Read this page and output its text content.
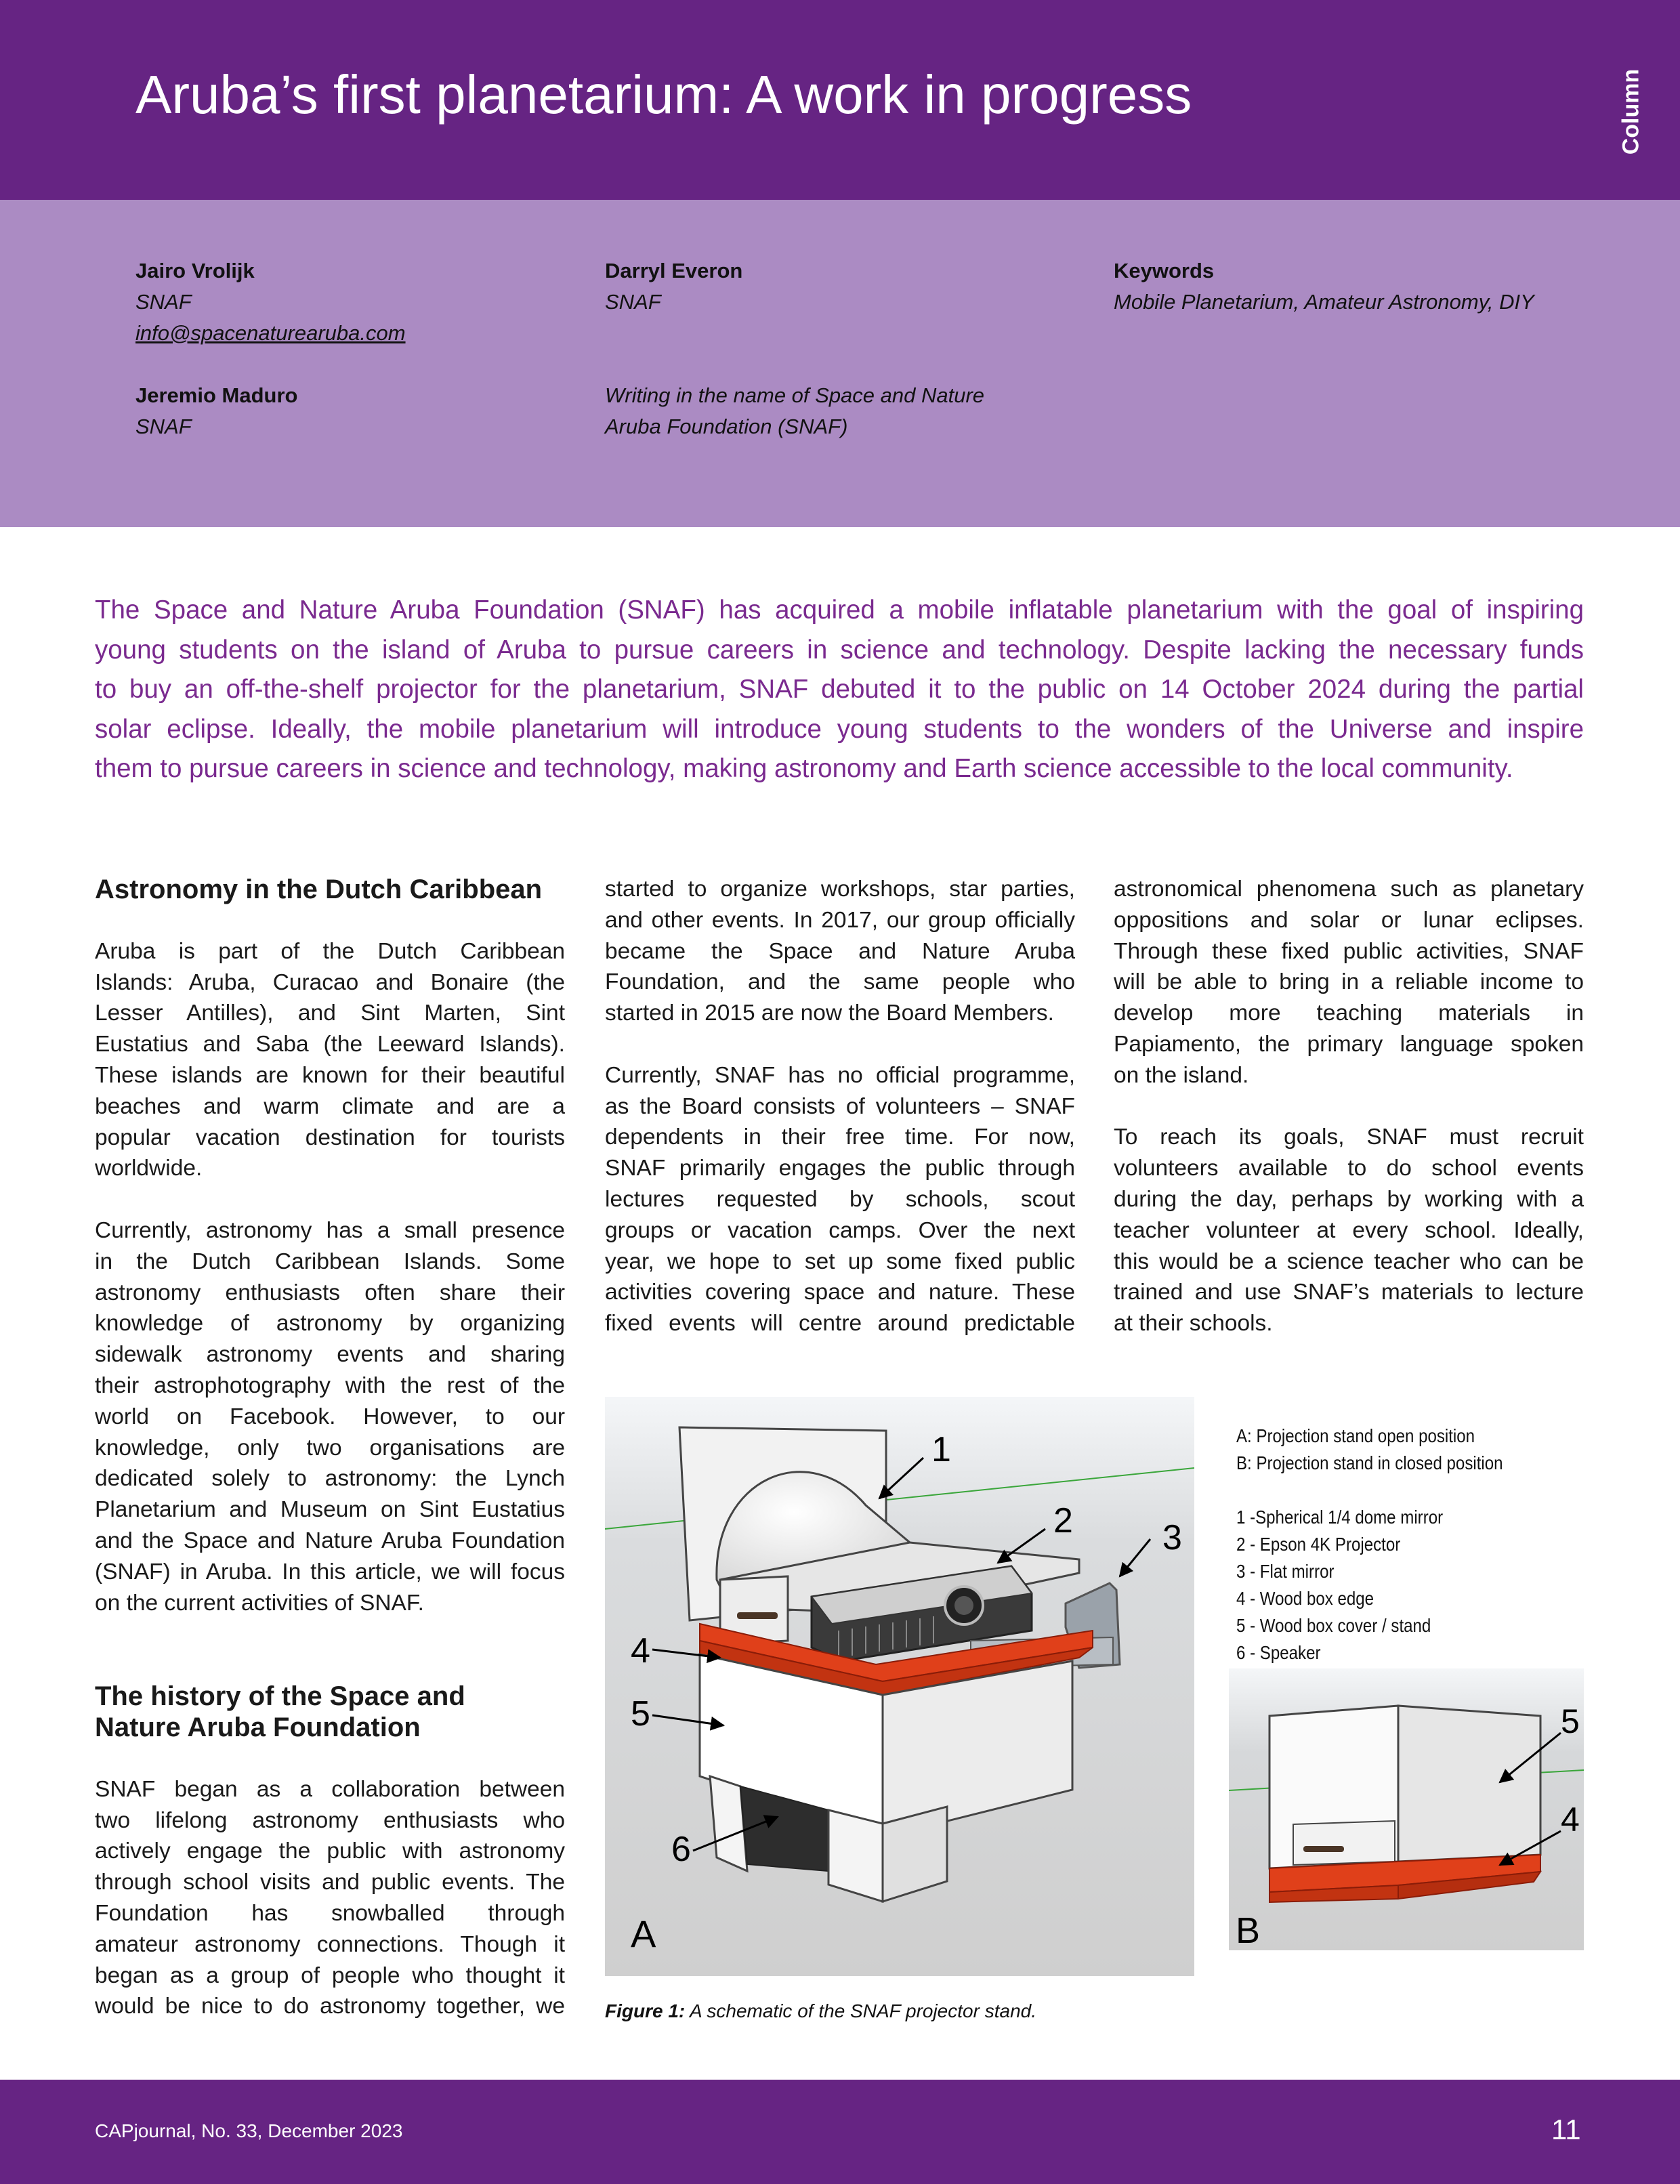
Aruba’s first planetarium: A work in progress	Column
Jairo Vrolijk
SNAF
info@spacenaturearuba.com
Darryl Everon
SNAF
Keywords
Mobile Planetarium, Amateur Astronomy, DIY
Jeremio Maduro
SNAF
Writing in the name of Space and Nature
Aruba Foundation (SNAF)
The Space and Nature Aruba Foundation (SNAF) has acquired a mobile inflatable planetarium with the goal of inspiring
young students on the island of Aruba to pursue careers in science and technology. Despite lacking the necessary funds
to buy an off-the-shelf projector for the planetarium, SNAF debuted it to the public on 14 October 2024 during the partial
solar eclipse. Ideally, the mobile planetarium will introduce young students to the wonders of the Universe and inspire
them to pursue careers in science and technology, making astronomy and Earth science accessible to the local community.
Astronomy in the Dutch Caribbean

Aruba is part of the Dutch Caribbean
Islands: Aruba, Curacao and Bonaire (the
Lesser Antilles), and Sint Marten, Sint
Eustatius and Saba (the Leeward Islands).
These islands are known for their beautiful
beaches and warm climate and are a
popular vacation destination for tourists
worldwide.

Currently, astronomy has a small presence
in the Dutch Caribbean Islands. Some
astronomy enthusiasts often share their
knowledge of astronomy by organizing
sidewalk astronomy events and sharing
their astrophotography with the rest of the
world on Facebook. However, to our
knowledge, only two organisations are
dedicated solely to astronomy: the Lynch
Planetarium and Museum on Sint Eustatius
and the Space and Nature Aruba Foundation
(SNAF) in Aruba. In this article, we will focus
on the current activities of SNAF.

The history of the Space and
Nature Aruba Foundation

SNAF began as a collaboration between
two lifelong astronomy enthusiasts who
actively engage the public with astronomy
through school visits and public events. The
Foundation has snowballed through
amateur astronomy connections. Though it
began as a group of people who thought it
would be nice to do astronomy together, we

started to organize workshops, star parties,
and other events. In 2017, our group officially
became the Space and Nature Aruba
Foundation, and the same people who
started in 2015 are now the Board Members.

Currently, SNAF has no official programme,
as the Board consists of volunteers – SNAF
dependents in their free time. For now,
SNAF primarily engages the public through
lectures requested by schools, scout
groups or vacation camps. Over the next
year, we hope to set up some fixed public
activities covering space and nature. These
fixed events will centre around predictable

astronomical phenomena such as planetary
oppositions and solar or lunar eclipses.
Through these fixed public activities, SNAF
will be able to bring in a reliable income to
develop more teaching materials in
Papiamento, the primary language spoken
on the island.

To reach its goals, SNAF must recruit
volunteers available to do school events
during the day, perhaps by working with a
teacher volunteer at every school. Ideally,
this would be a science teacher who can be
trained and use SNAF’s materials to lecture
at their schools.

1
2	3
4
5
6
A
5
4
B
A: Projection stand open position
B: Projection stand in closed position
1 -Spherical 1/4 dome mirror
2 - Epson 4K Projector
3 - Flat mirror
4 - Wood box edge
5 - Wood box cover / stand
6 - Speaker
Figure 1: A schematic of the SNAF projector stand.
CAPjournal, No. 33, December 2023	11
